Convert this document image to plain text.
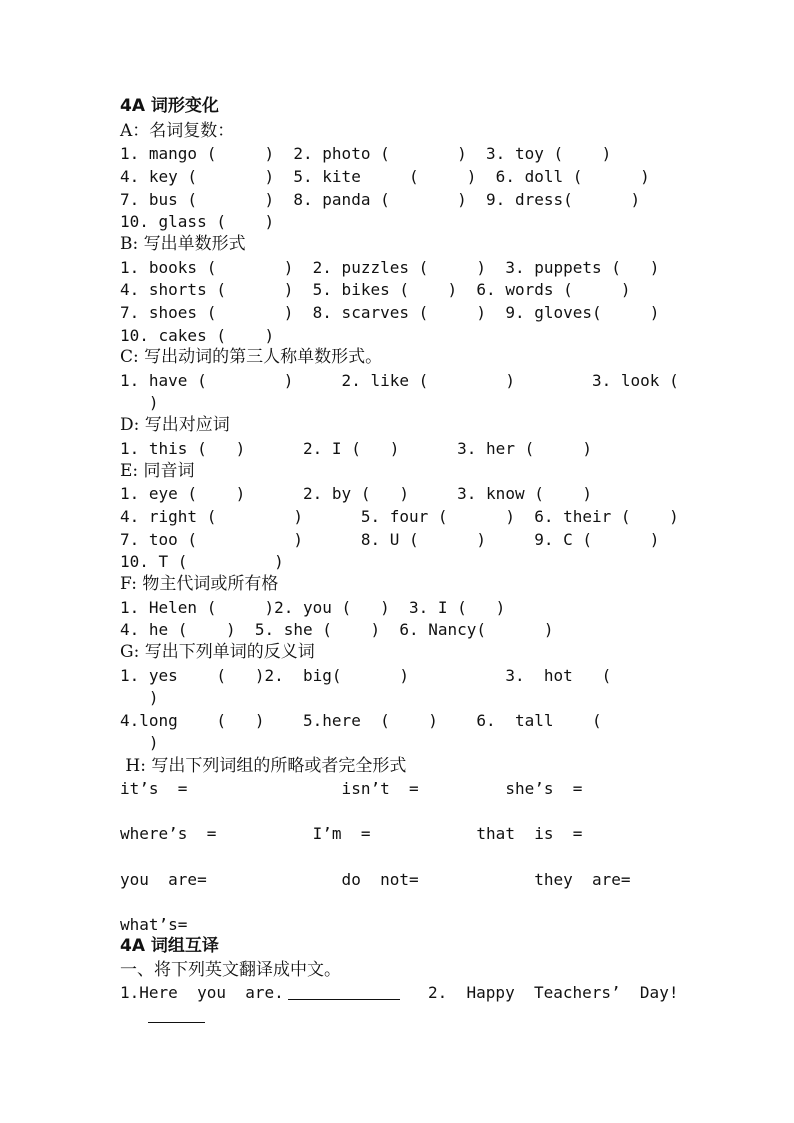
4A 词形变化
A：名词复数：
1. mango (     )  2. photo (       )  3. toy (    )
4. key (       )  5. kite     (     )  6. doll (      )
7. bus (       )  8. panda (       )  9. dress(      )
10. glass (    )
B: 写出单数形式
1. books (       )  2. puzzles (     )  3. puppets (   )
4. shorts (      )  5. bikes (    )  6. words (     )
7. shoes (       )  8. scarves (     )  9. gloves(     )
10. cakes (    )
C: 写出动词的第三人称单数形式。
1. have (        )     2. like (        )        3. look (
)
D: 写出对应词
1. this (   )      2. I (   )      3. her (     )
E: 同音词
1. eye (    )      2. by (   )     3. know (    )
4. right (        )      5. four (      )  6. their (    )
7. too (          )      8. U (      )     9. C (      )
10. T (         )
F: 物主代词或所有格
1. Helen (     )2. you (   )  3. I (   )
4. he (    )  5. she (    )  6. Nancy(      )
G: 写出下列单词的反义词
1. yes    (   )2.  big(      )          3.  hot   (
)
4.long    (   )    5.here  (    )    6.  tall    (
)
H: 写出下列词组的所略或者完全形式
it’s  =                isn’t  =         she’s  =
where’s  =          I’m  =           that  is  =
you  are=              do  not=            they  are=
what’s=
4A 词组互译
一、将下列英文翻译成中文。
1.Here  you  are.	2.  Happy  Teachers’  Day!
